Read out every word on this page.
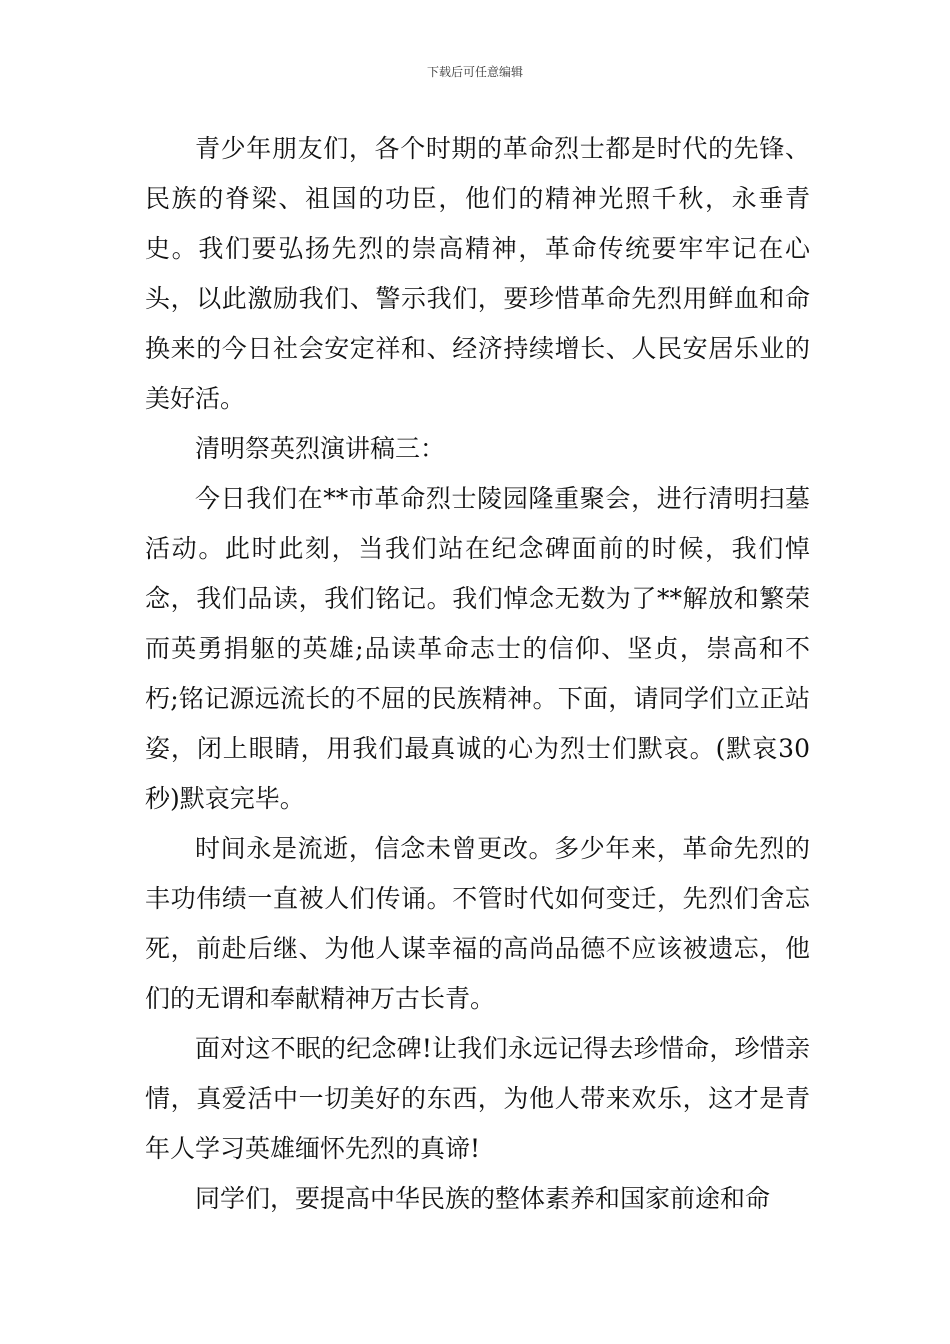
下载后可任意编辑

青少年朋友们，各个时期的革命烈士都是时代的先锋、民族的脊梁、祖国的功臣，他们的精神光照千秋，永垂青史。我们要弘扬先烈的崇高精神，革命传统要牢牢记在心头，以此激励我们、警示我们，要珍惜革命先烈用鲜血和命换来的今日社会安定祥和、经济持续增长、人民安居乐业的美好活。

清明祭英烈演讲稿三：

今日我们在**市革命烈士陵园隆重聚会，进行清明扫墓活动。此时此刻，当我们站在纪念碑面前的时候，我们悼念，我们品读，我们铭记。我们悼念无数为了**解放和繁荣而英勇捐躯的英雄;品读革命志士的信仰、坚贞，崇高和不朽;铭记源远流长的不屈的民族精神。下面，请同学们立正站姿，闭上眼睛，用我们最真诚的心为烈士们默哀。(默哀30秒)默哀完毕。

时间永是流逝，信念未曾更改。多少年来，革命先烈的丰功伟绩一直被人们传诵。不管时代如何变迁，先烈们舍忘死，前赴后继、为他人谋幸福的高尚品德不应该被遗忘，他们的无谓和奉献精神万古长青。

面对这不眠的纪念碑!让我们永远记得去珍惜命，珍惜亲情，真爱活中一切美好的东西，为他人带来欢乐，这才是青年人学习英雄缅怀先烈的真谛!

同学们，要提高中华民族的整体素养和国家前途和命
